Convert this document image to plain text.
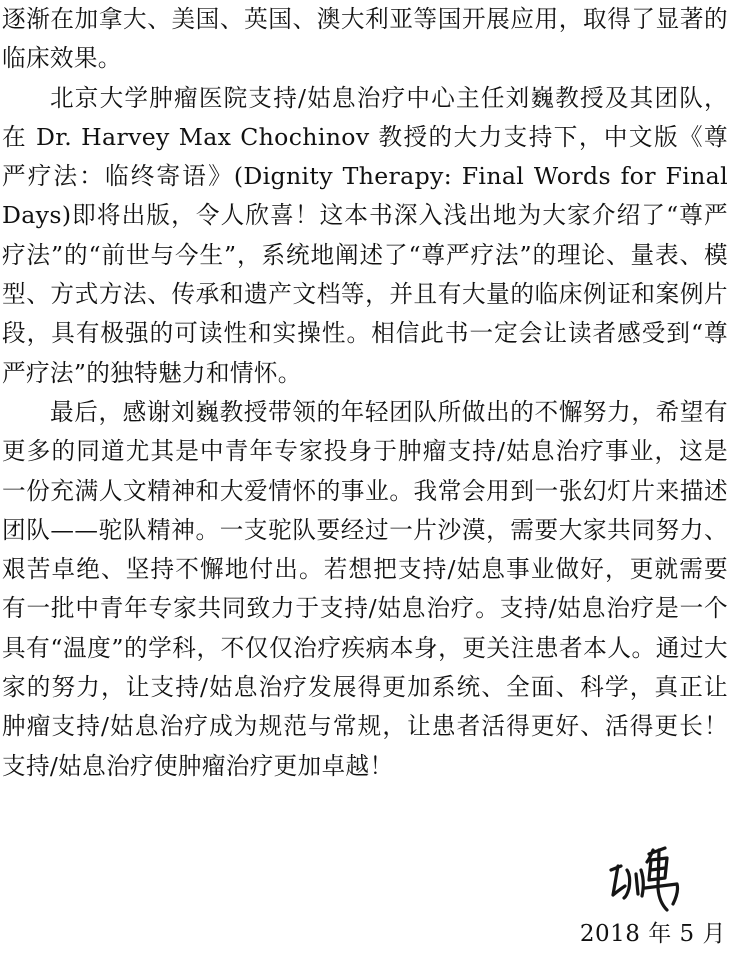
逐渐在加拿大、美国、英国、澳大利亚等国开展应用，取得了显著的临床效果。

北京大学肿瘤医院支持/姑息治疗中心主任刘巍教授及其团队，在 Dr. Harvey Max Chochinov 教授的大力支持下，中文版《尊严疗法：临终寄语》(Dignity Therapy: Final Words for Final Days)即将出版，令人欣喜！这本书深入浅出地为大家介绍了“尊严疗法”的“前世与今生”，系统地阐述了“尊严疗法”的理论、量表、模型、方式方法、传承和遗产文档等，并且有大量的临床例证和案例片段，具有极强的可读性和实操性。相信此书一定会让读者感受到“尊严疗法”的独特魅力和情怀。

最后，感谢刘巍教授带领的年轻团队所做出的不懈努力，希望有更多的同道尤其是中青年专家投身于肿瘤支持/姑息治疗事业，这是一份充满人文精神和大爱情怀的事业。我常会用到一张幻灯片来描述团队——驼队精神。一支驼队要经过一片沙漠，需要大家共同努力、艰苦卓绝、坚持不懈地付出。若想把支持/姑息事业做好，更就需要有一批中青年专家共同致力于支持/姑息治疗。支持/姑息治疗是一个具有“温度”的学科，不仅仅治疗疾病本身，更关注患者本人。通过大家的努力，让支持/姑息治疗发展得更加系统、全面、科学，真正让肿瘤支持/姑息治疗成为规范与常规，让患者活得更好、活得更长！支持/姑息治疗使肿瘤治疗更加卓越！

2018 年 5 月
